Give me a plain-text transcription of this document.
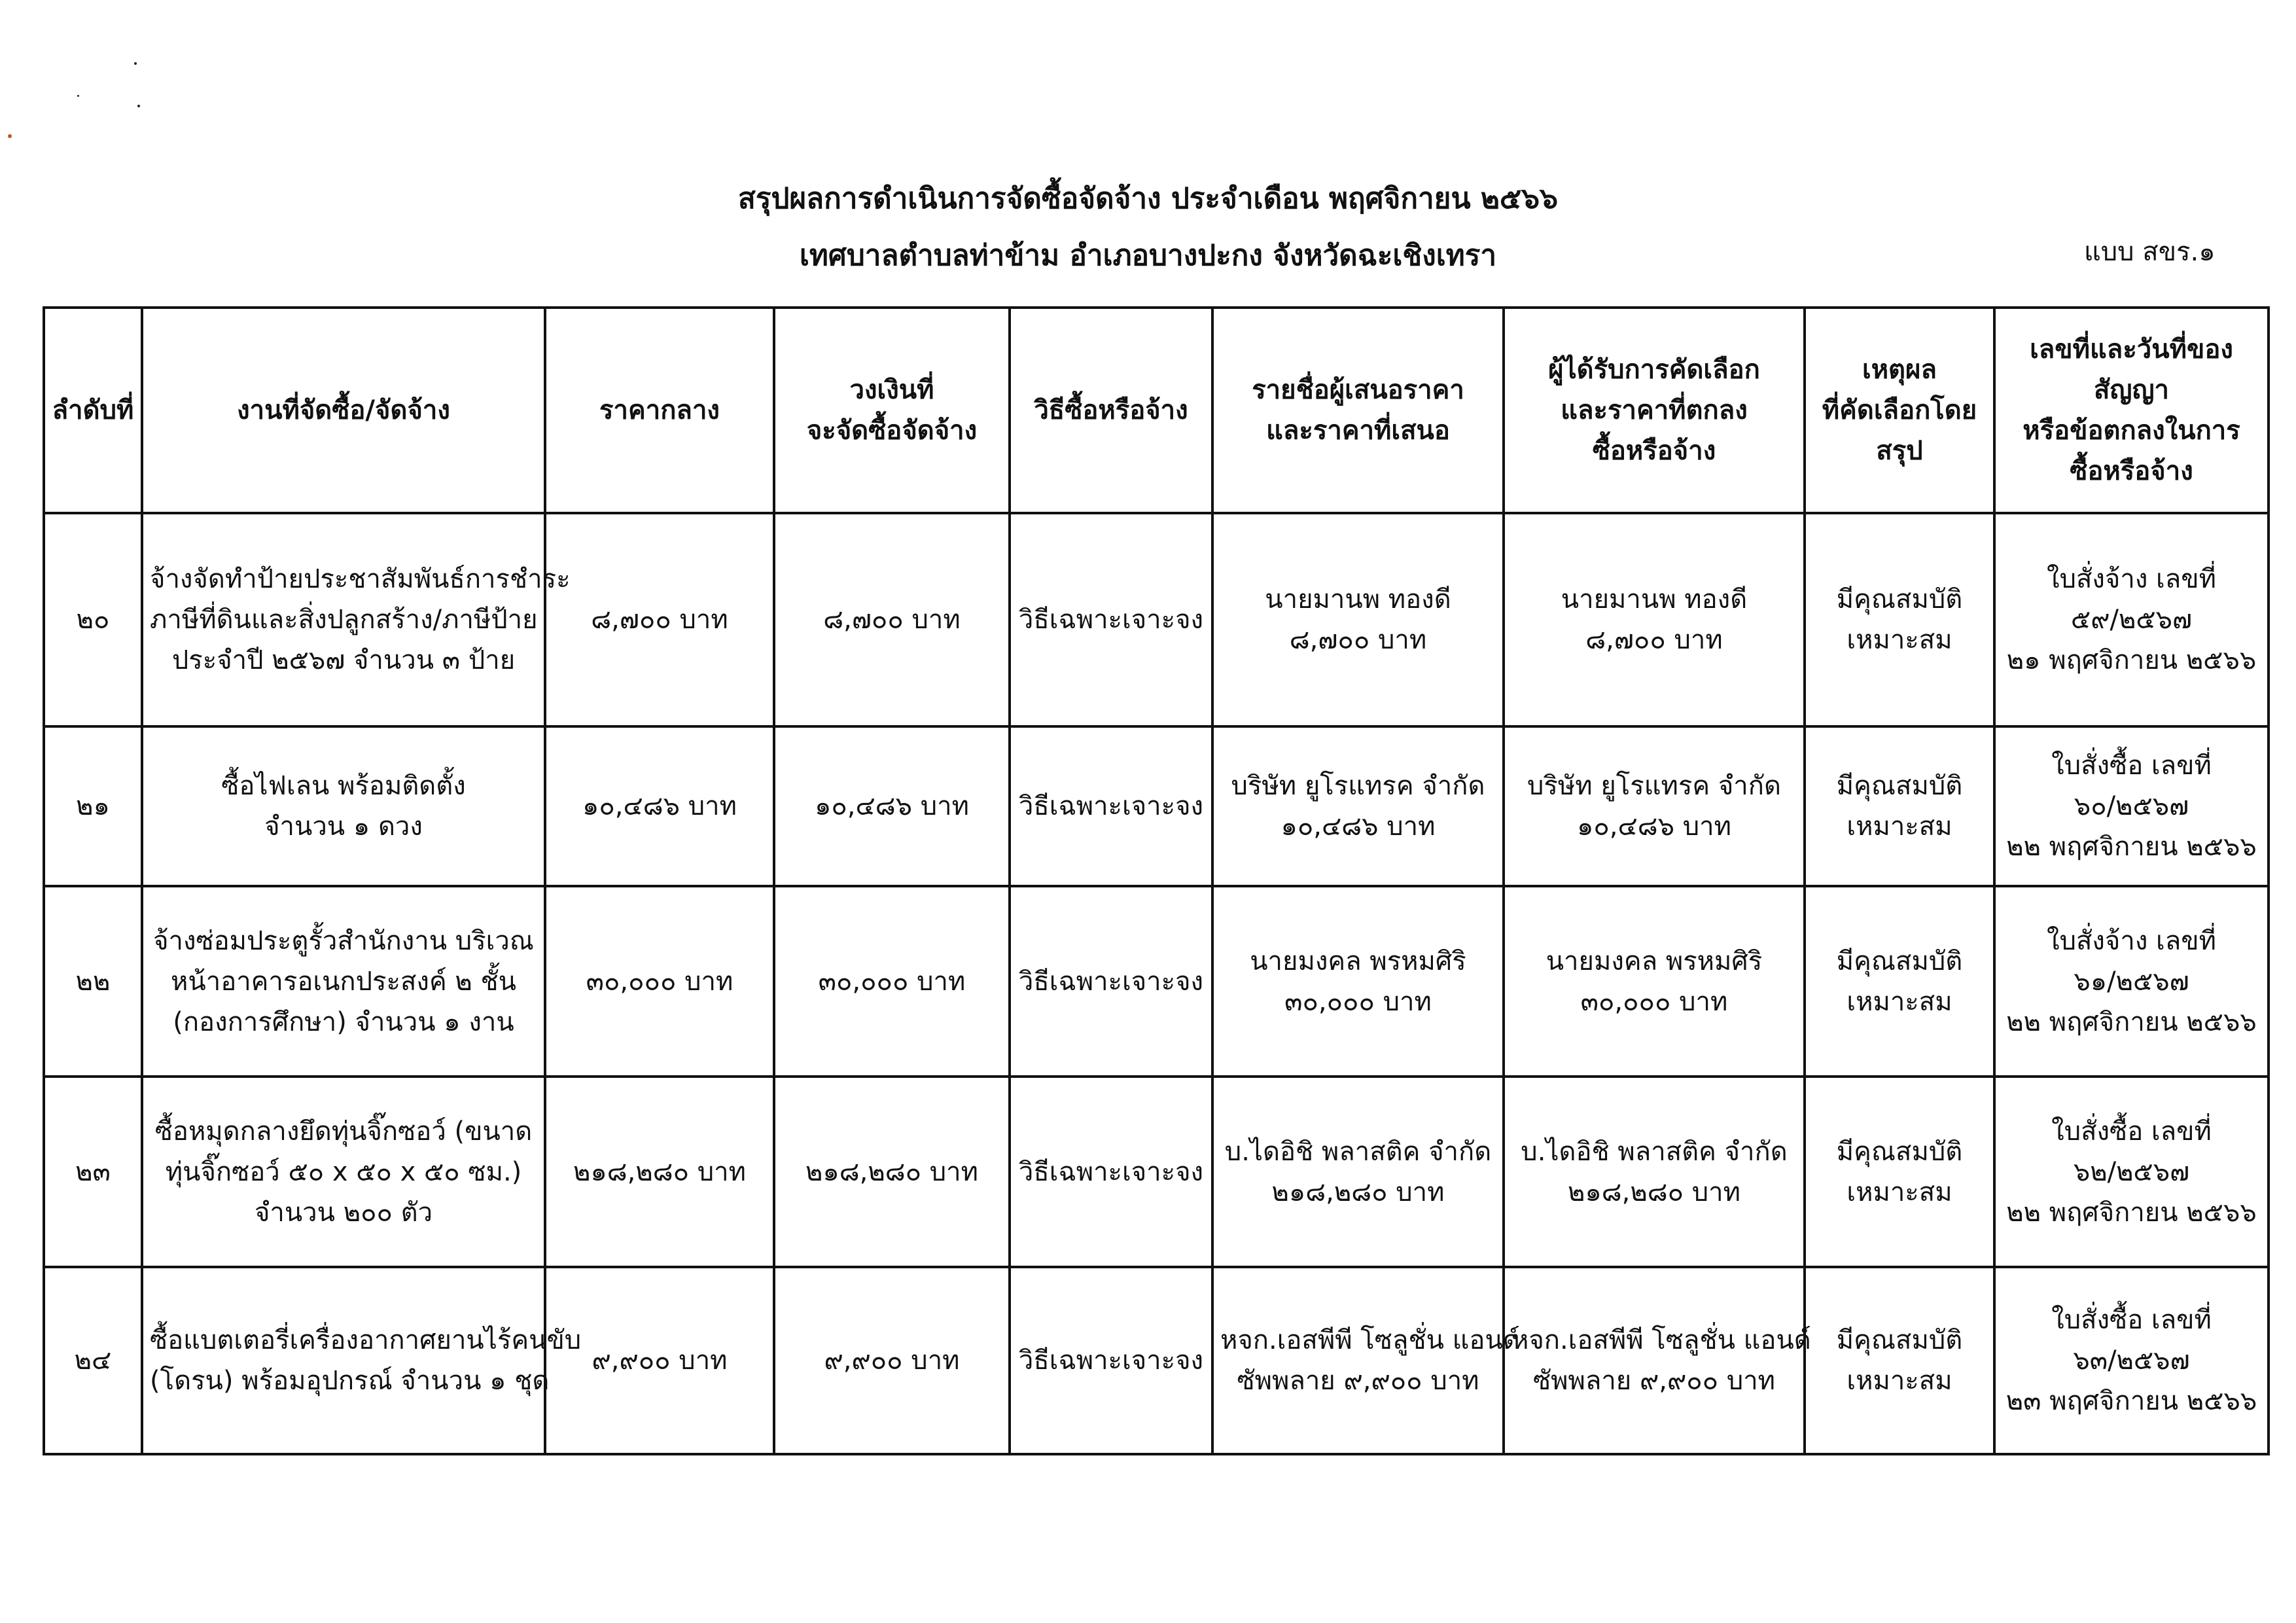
สรุปผลการดำเนินการจัดซื้อจัดจ้าง ประจำเดือน พฤศจิกายน ๒๕๖๖
เทศบาลตำบลท่าข้าม อำเภอบางปะกง จังหวัดฉะเชิงเทรา	แบบ สขร.๑
ลำดับที่	งานที่จัดซื้อ/จัดจ้าง	ราคากลาง	วงเงินที่
จะจัดซื้อจัดจ้าง	วิธีซื้อหรือจ้าง	รายชื่อผู้เสนอราคา
และราคาที่เสนอ	ผู้ได้รับการคัดเลือก
และราคาที่ตกลง
ซื้อหรือจ้าง	เหตุผล
ที่คัดเลือกโดย
สรุป	เลขที่และวันที่ของ
สัญญา
หรือข้อตกลงในการ
ซื้อหรือจ้าง

๒๐	จ้างจัดทำป้ายประชาสัมพันธ์การชำระ
ภาษีที่ดินและสิ่งปลูกสร้าง/ภาษีป้าย
ประจำปี ๒๕๖๗ จำนวน ๓ ป้าย	๘,๗๐๐ บาท	๘,๗๐๐ บาท	วิธีเฉพาะเจาะจง	นายมานพ ทองดี
๘,๗๐๐ บาท	นายมานพ ทองดี
๘,๗๐๐ บาท	มีคุณสมบัติ
เหมาะสม	ใบสั่งจ้าง เลขที่
๕๙/๒๕๖๗
๒๑ พฤศจิกายน ๒๕๖๖

๒๑	ซื้อไฟเลน พร้อมติดตั้ง
จำนวน ๑ ดวง	๑๐,๔๘๖ บาท	๑๐,๔๘๖ บาท	วิธีเฉพาะเจาะจง	บริษัท ยูโรแทรค จำกัด
๑๐,๔๘๖ บาท	บริษัท ยูโรแทรค จำกัด
๑๐,๔๘๖ บาท	มีคุณสมบัติ
เหมาะสม	ใบสั่งซื้อ เลขที่
๖๐/๒๕๖๗
๒๒ พฤศจิกายน ๒๕๖๖

๒๒	จ้างซ่อมประตูรั้วสำนักงาน บริเวณ
หน้าอาคารอเนกประสงค์ ๒ ชั้น
(กองการศึกษา) จำนวน ๑ งาน	๓๐,๐๐๐ บาท	๓๐,๐๐๐ บาท	วิธีเฉพาะเจาะจง	นายมงคล พรหมศิริ
๓๐,๐๐๐ บาท	นายมงคล พรหมศิริ
๓๐,๐๐๐ บาท	มีคุณสมบัติ
เหมาะสม	ใบสั่งจ้าง เลขที่
๖๑/๒๕๖๗
๒๒ พฤศจิกายน ๒๕๖๖

๒๓	ซื้อหมุดกลางยึดทุ่นจิ๊กซอว์ (ขนาด
ทุ่นจิ๊กซอว์ ๕๐ x ๕๐ x ๕๐ ซม.)
จำนวน ๒๐๐ ตัว	๒๑๘,๒๘๐ บาท	๒๑๘,๒๘๐ บาท	วิธีเฉพาะเจาะจง	บ.ไดอิชิ พลาสติค จำกัด
๒๑๘,๒๘๐ บาท	บ.ไดอิชิ พลาสติค จำกัด
๒๑๘,๒๘๐ บาท	มีคุณสมบัติ
เหมาะสม	ใบสั่งซื้อ เลขที่
๖๒/๒๕๖๗
๒๒ พฤศจิกายน ๒๕๖๖

๒๔	ซื้อแบตเตอรี่เครื่องอากาศยานไร้คนขับ
(โดรน) พร้อมอุปกรณ์ จำนวน ๑ ชุด	๙,๙๐๐ บาท	๙,๙๐๐ บาท	วิธีเฉพาะเจาะจง	หจก.เอสพีพี โซลูชั่น แอนด์
ซัพพลาย ๙,๙๐๐ บาท	หจก.เอสพีพี โซลูชั่น แอนด์
ซัพพลาย ๙,๙๐๐ บาท	มีคุณสมบัติ
เหมาะสม	ใบสั่งซื้อ เลขที่
๖๓/๒๕๖๗
๒๓ พฤศจิกายน ๒๕๖๖
